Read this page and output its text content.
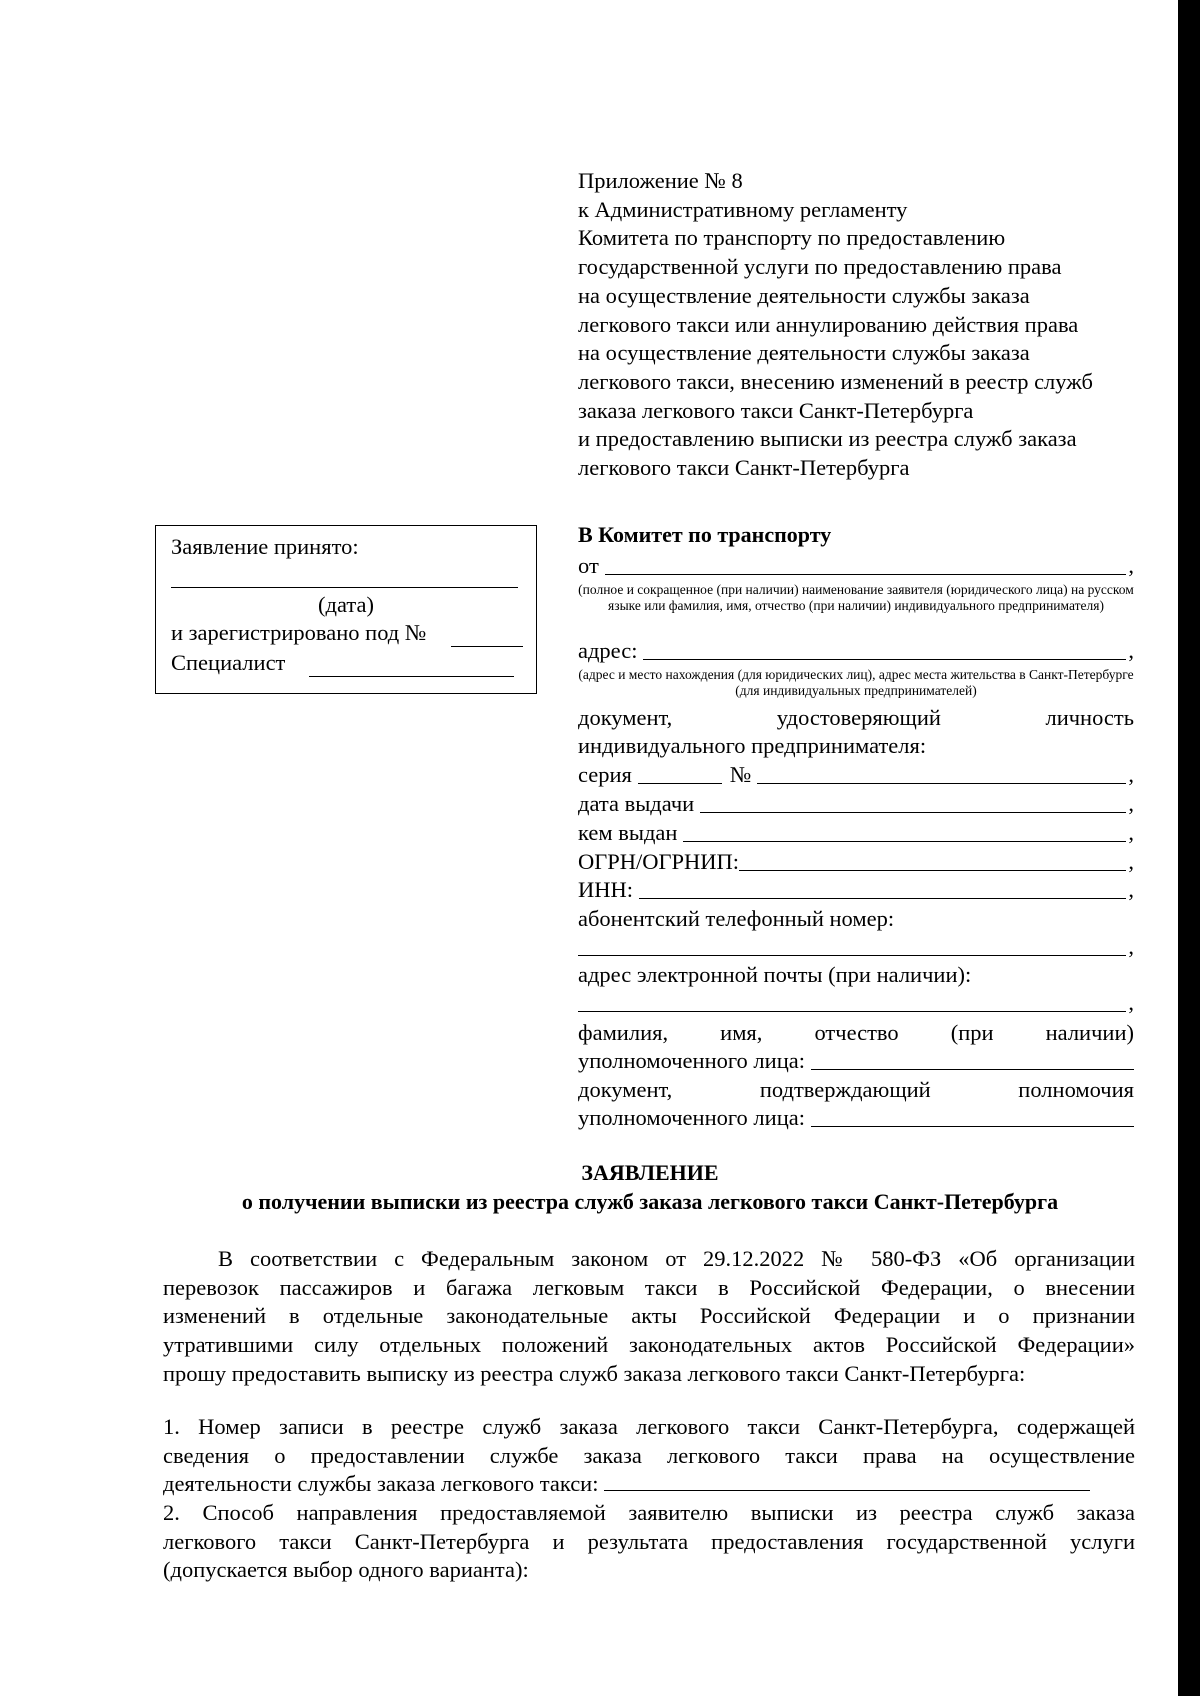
Приложение № 8
к Административному регламенту
Комитета по транспорту по предоставлению
государственной услуги по предоставлению права
на осуществление деятельности службы заказа
легкового такси или аннулированию действия права
на осуществление деятельности службы заказа
легкового такси, внесению изменений в реестр служб
заказа легкового такси Санкт-Петербурга
и предоставлению выписки из реестра служб заказа
легкового такси Санкт-Петербурга
Заявление принято:
(дата)
и зарегистрировано под №
Специалист
В Комитет по транспорту
от	,
(полное и сокращенное (при наличии) наименование заявителя (юридического лица) на русском языке или фамилия, имя, отчество (при наличии) индивидуального предпринимателя)
адрес:	,
(адрес и место нахождения (для юридических лиц), адрес места жительства в Санкт-Петербурге (для индивидуальных предпринимателей)
документ, удостоверяющий личность
индивидуального предпринимателя:
серия	№	,
дата выдачи	,
кем выдан	,
ОГРН/ОГРНИП:	,
ИНН:	,
абонентский телефонный номер:
,
адрес электронной почты (при наличии):
,
фамилия, имя, отчество (при наличии)
уполномоченного лица:
документ, подтверждающий полномочия
уполномоченного лица:
ЗАЯВЛЕНИЕ
о получении выписки из реестра служб заказа легкового такси Санкт-Петербурга
В соответствии с Федеральным законом от 29.12.2022 № 580-ФЗ «Об организации
перевозок пассажиров и багажа легковым такси в Российской Федерации, о внесении
изменений в отдельные законодательные акты Российской Федерации и о признании
утратившими силу отдельных положений законодательных актов Российской Федерации»
прошу предоставить выписку из реестра служб заказа легкового такси Санкт-Петербурга:
1. Номер записи в реестре служб заказа легкового такси Санкт-Петербурга, содержащей
сведения о предоставлении службе заказа легкового такси права на осуществление
деятельности службы заказа легкового такси:
2. Способ направления предоставляемой заявителю выписки из реестра служб заказа
легкового такси Санкт-Петербурга и результата предоставления государственной услуги
(допускается выбор одного варианта):
